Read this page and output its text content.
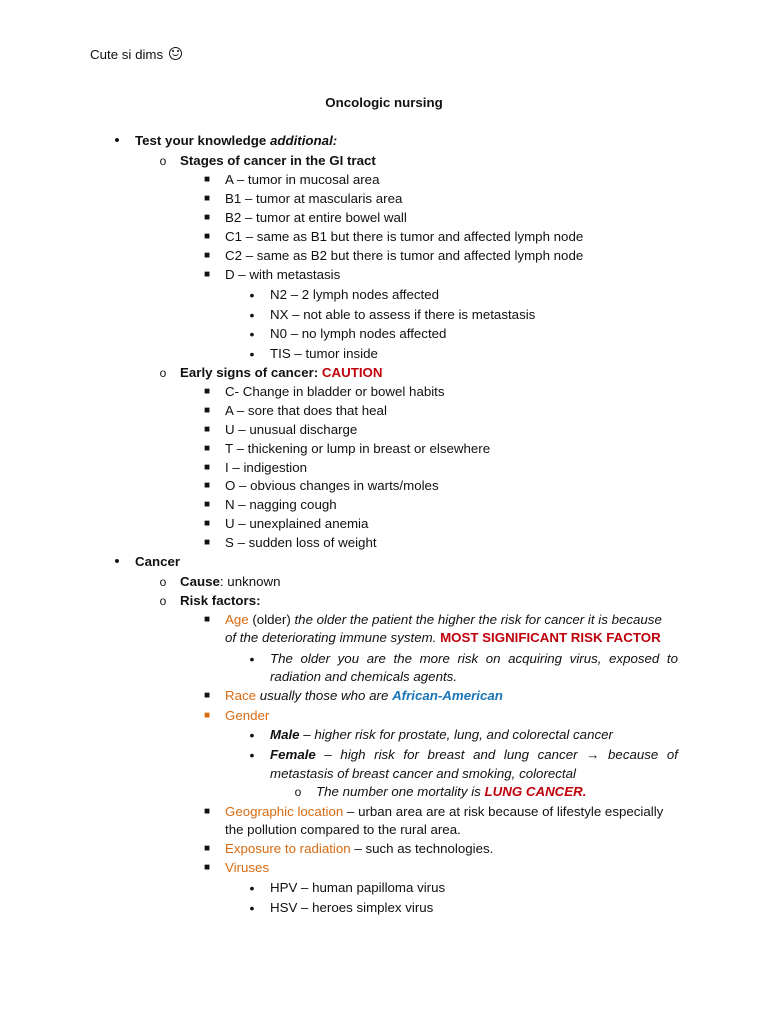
Cute si dims
Oncologic nursing
• Test your knowledge additional:
o Stages of cancer in the GI tract
■ A – tumor in mucosal area
■ B1 – tumor at mascularis area
■ B2 – tumor at entire bowel wall
■ C1 – same as B1 but there is tumor and affected lymph node
■ C2 – same as B2 but there is tumor and affected lymph node
■ D – with metastasis
• N2 – 2 lymph nodes affected
• NX – not able to assess if there is metastasis
• N0 – no lymph nodes affected
• TIS – tumor inside
o Early signs of cancer: CAUTION
■ C- Change in bladder or bowel habits
■ A – sore that does that heal
■ U – unusual discharge
■ T – thickening or lump in breast or elsewhere
■ I – indigestion
■ O – obvious changes in warts/moles
■ N – nagging cough
■ U – unexplained anemia
■ S – sudden loss of weight
• Cancer
o Cause: unknown
o Risk factors:
■ Age (older) the older the patient the higher the risk for cancer it is because
of the deteriorating immune system. MOST SIGNIFICANT RISK FACTOR
• The older you are the more risk on acquiring virus, exposed to
radiation and chemicals agents.
■ Race usually those who are African-American
■ Gender
• Male – higher risk for prostate, lung, and colorectal cancer
• Female – high risk for breast and lung cancer → because of
metastasis of breast cancer and smoking, colorectal
o The number one mortality is LUNG CANCER.
■ Geographic location – urban area are at risk because of lifestyle especially
the pollution compared to the rural area.
■ Exposure to radiation – such as technologies.
■ Viruses
• HPV – human papilloma virus
• HSV – heroes simplex virus
